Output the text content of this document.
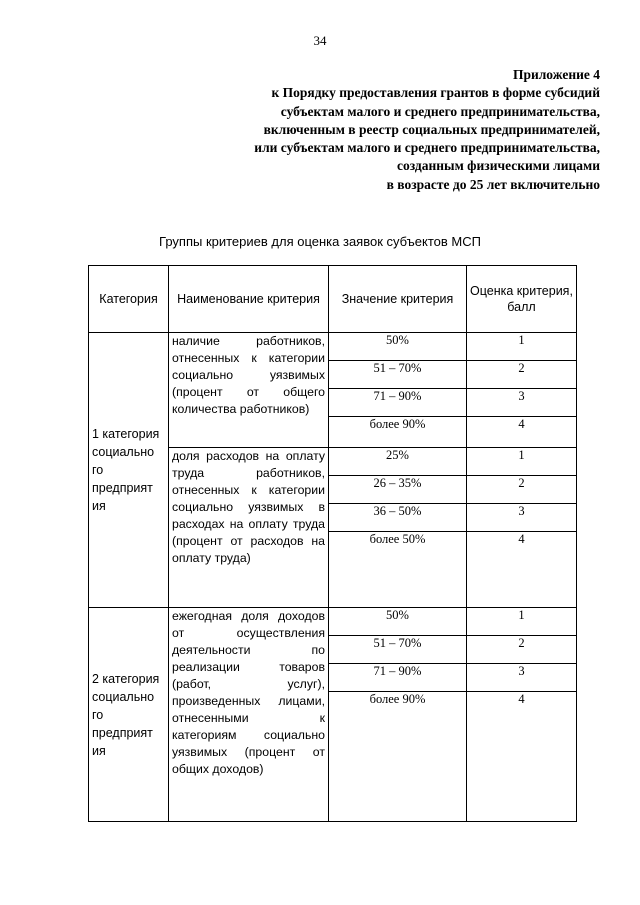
34
Приложение 4
к Порядку предоставления грантов в форме субсидий
субъектам малого и среднего предпринимательства,
включенным в реестр социальных предпринимателей,
или субъектам малого и среднего предпринимательства,
созданным физическими лицами
в возрасте до 25 лет включительно
Группы критериев для оценка заявок субъектов МСП
Категория	Наименование критерия	Значение критерия	Оценка критерия, балл
1 категория социально го предприят ия	наличие работников, отнесенных к категории социально уязвимых (процент от общего количества работников)	50%	1
		51 – 70%	2
		71 – 90%	3
		более 90%	4
	доля расходов на оплату труда работников, отнесенных к категории социально уязвимых в расходах на оплату труда (процент от расходов на оплату труда)	25%	1
		26 – 35%	2
		36 – 50%	3
		более 50%	4
2 категория социально го предприят ия	ежегодная доля доходов от осуществления деятельности по реализации товаров (работ, услуг), произведенных лицами, отнесенными к категориям социально уязвимых (процент от общих доходов)	50%	1
		51 – 70%	2
		71 – 90%	3
		более 90%	4
